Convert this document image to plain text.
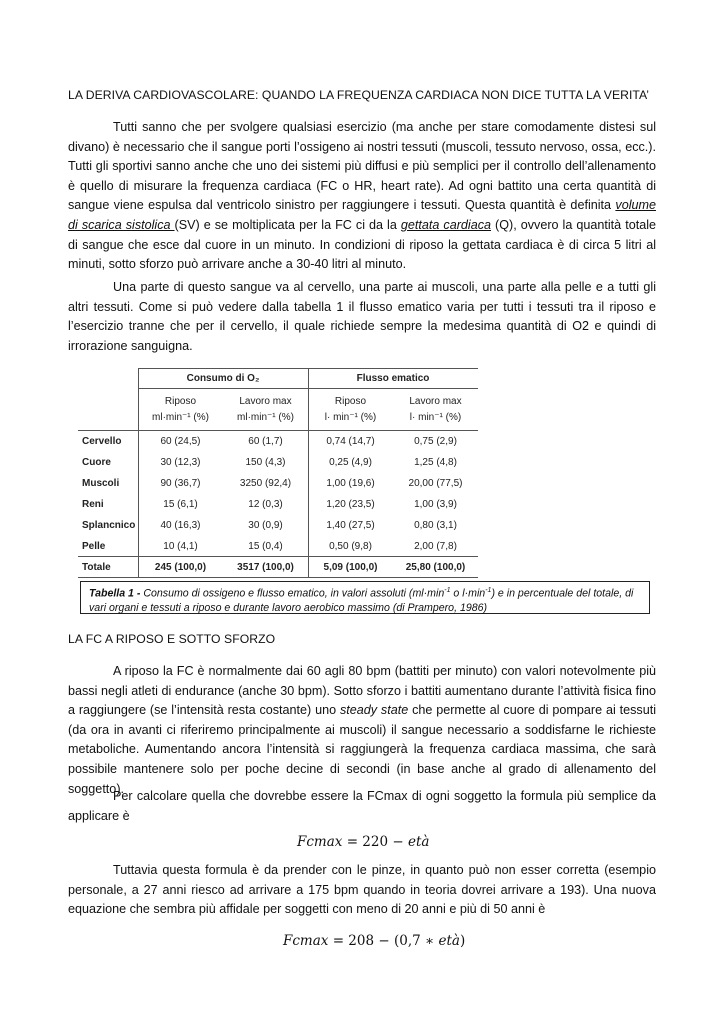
LA DERIVA CARDIOVASCOLARE: QUANDO LA FREQUENZA CARDIACA NON DICE TUTTA LA VERITA’

Tutti sanno che per svolgere qualsiasi esercizio (ma anche per stare comodamente distesi sul divano) è necessario che il sangue porti l’ossigeno ai nostri tessuti (muscoli, tessuto nervoso, ossa, ecc.). Tutti gli sportivi sanno anche che uno dei sistemi più diffusi e più semplici per il controllo dell’allenamento è quello di misurare la frequenza cardiaca (FC o HR, heart rate). Ad ogni battito una certa quantità di sangue viene espulsa dal ventricolo sinistro per raggiungere i tessuti. Questa quantità è definita volume di scarica sistolica (SV) e se moltiplicata per la FC ci da la gettata cardiaca (Q), ovvero la quantità totale di sangue che esce dal cuore in un minuto. In condizioni di riposo la gettata cardiaca è di circa 5 litri al minuti, sotto sforzo può arrivare anche a 30-40 litri al minuto.

Una parte di questo sangue va al cervello, una parte ai muscoli, una parte alla pelle e a tutti gli altri tessuti. Come si può vedere dalla tabella 1 il flusso ematico varia per tutti i tessuti tra il riposo e l’esercizio tranne che per il cervello, il quale richiede sempre la medesima quantità di O2 e quindi di irrorazione sanguigna.

Consumo di O₂	Flusso ematico
Riposo	Lavoro max	Riposo	Lavoro max
ml·min⁻¹ (%)	ml·min⁻¹ (%)	l· min⁻¹ (%)	l· min⁻¹ (%)
Cervello	60 (24,5)	60 (1,7)	0,74 (14,7)	0,75 (2,9)
Cuore	30 (12,3)	150 (4,3)	0,25 (4,9)	1,25 (4,8)
Muscoli	90 (36,7)	3250 (92,4)	1,00 (19,6)	20,00 (77,5)
Reni	15 (6,1)	12 (0,3)	1,20 (23,5)	1,00 (3,9)
Splancnico	40 (16,3)	30 (0,9)	1,40 (27,5)	0,80 (3,1)
Pelle	10 (4,1)	15 (0,4)	0,50 (9,8)	2,00 (7,8)
Totale	245 (100,0)	3517 (100,0)	5,09 (100,0)	25,80 (100,0)
Tabella 1 - Consumo di ossigeno e flusso ematico, in valori assoluti ($ml\cdot\min^{-1}$ o $l\cdot\min^{-1}$) e in percentuale del totale, di vari organi e tessuti a riposo e durante lavoro aerobico massimo (di Prampero, 1986)
LA FC A RIPOSO E SOTTO SFORZO

A riposo la FC è normalmente dai 60 agli 80 bpm (battiti per minuto) con valori notevolmente più bassi negli atleti di endurance (anche 30 bpm). Sotto sforzo i battiti aumentano durante l’attività fisica fino a raggiungere (se l’intensità resta costante) uno steady state che permette al cuore di pompare ai tessuti (da ora in avanti ci riferiremo principalmente ai muscoli) il sangue necessario a soddisfarne le richieste metaboliche. Aumentando ancora l’intensità si raggiungerà la frequenza cardiaca massima, che sarà possibile mantenere solo per poche decine di secondi (in base anche al grado di allenamento del soggetto).

Per calcolare quella che dovrebbe essere la FCmax di ogni soggetto la formula più semplice da applicare è

Fcmax = 220 − età

Tuttavia questa formula è da prender con le pinze, in quanto può non esser corretta (esempio personale, a 27 anni riesco ad arrivare a 175 bpm quando in teoria dovrei arrivare a 193). Una nuova equazione che sembra più affidale per soggetti con meno di 20 anni e più di 50 anni è

Fcmax = 208 − (0,7 ∗ età)
